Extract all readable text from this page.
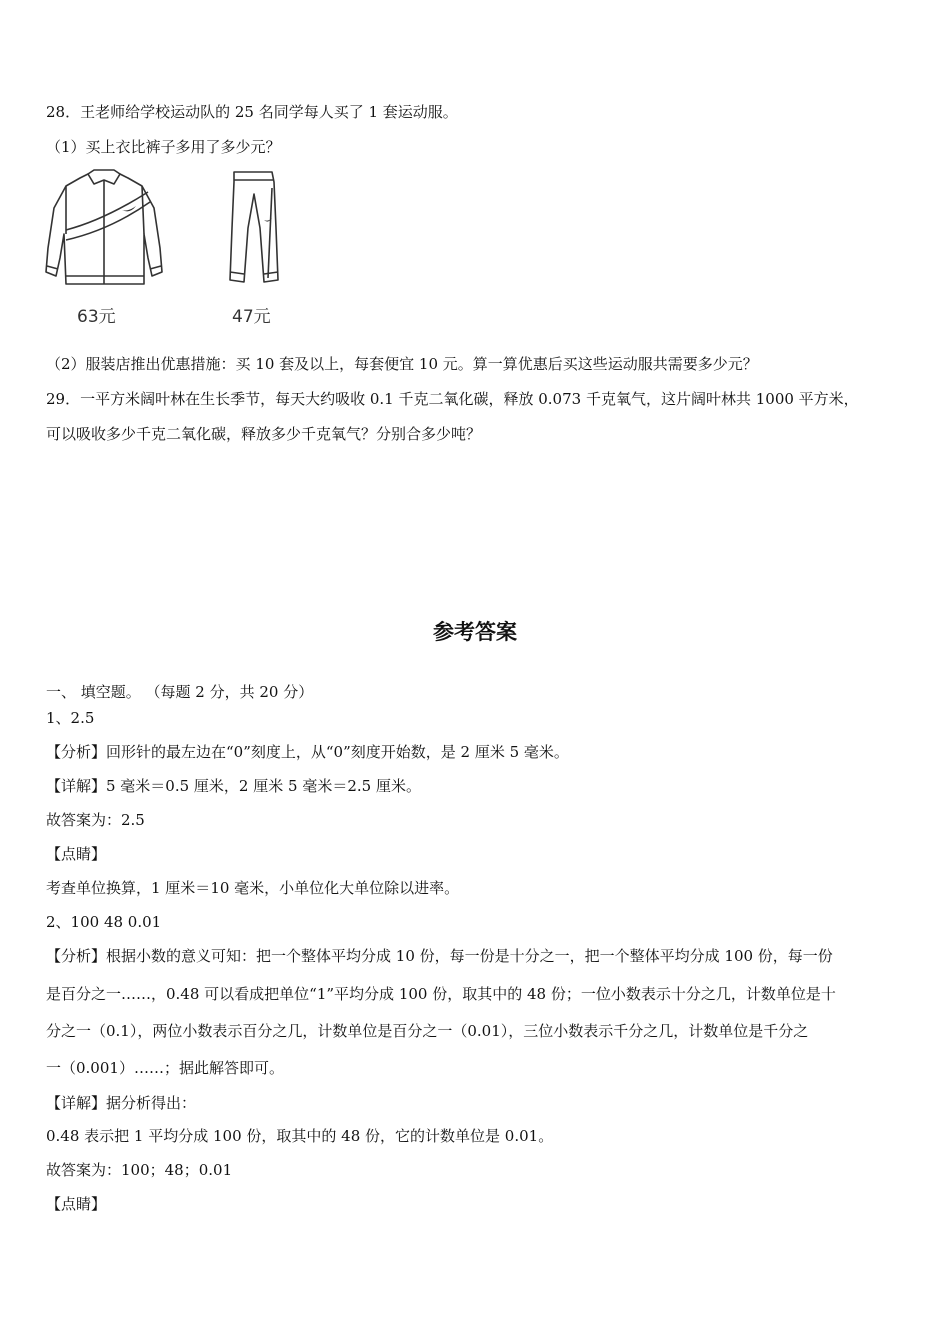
28．王老师给学校运动队的 25 名同学每人买了 1 套运动服。
（1）买上衣比裤子多用了多少元？
63元	47元
（2）服装店推出优惠措施：买 10 套及以上，每套便宜 10 元。算一算优惠后买这些运动服共需要多少元？
29．一平方米阔叶林在生长季节，每天大约吸收 0.1 千克二氧化碳，释放 0.073 千克氧气，这片阔叶林共 1000 平方米，
可以吸收多少千克二氧化碳，释放多少千克氧气？分别合多少吨？
参考答案
一、 填空题。 （每题 2 分，共 20 分）
1、2.5
【分析】回形针的最左边在“0”刻度上，从“0”刻度开始数，是 2 厘米 5 毫米。
【详解】5 毫米＝0.5 厘米，2 厘米 5 毫米＝2.5 厘米。
故答案为：2.5
【点睛】
考查单位换算，1 厘米＝10 毫米，小单位化大单位除以进率。
2、100 48 0.01
【分析】根据小数的意义可知：把一个整体平均分成 10 份，每一份是十分之一，把一个整体平均分成 100 份，每一份
是百分之一……，0.48 可以看成把单位“1”平均分成 100 份，取其中的 48 份；一位小数表示十分之几，计数单位是十
分之一（0.1），两位小数表示百分之几，计数单位是百分之一（0.01），三位小数表示千分之几，计数单位是千分之
一（0.001）……；据此解答即可。
【详解】据分析得出：
0.48 表示把 1 平均分成 100 份，取其中的 48 份，它的计数单位是 0.01。
故答案为：100；48；0.01
【点睛】
